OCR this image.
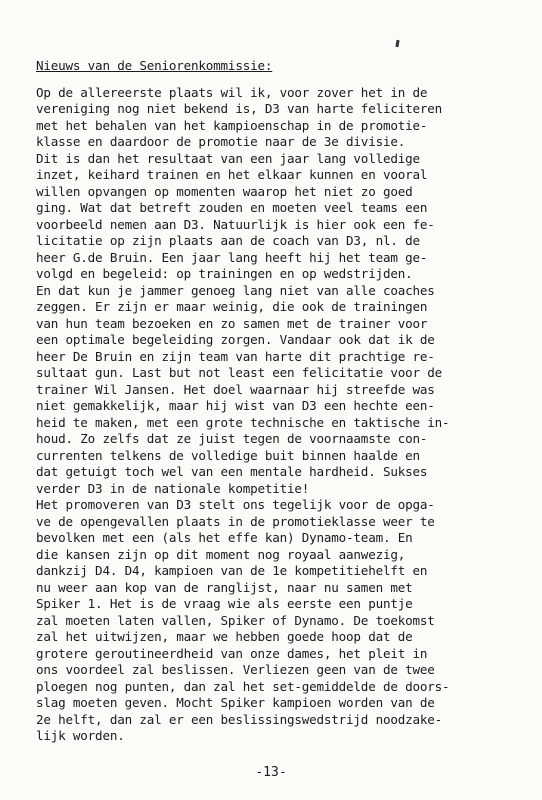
Nieuws van de Seniorenkommissie:
Op de allereerste plaats wil ik, voor zover het in de
vereniging nog niet bekend is, D3 van harte feliciteren
met het behalen van het kampioenschap in de promotie-
klasse en daardoor de promotie naar de 3e divisie.
Dit is dan het resultaat van een jaar lang volledige
inzet, keihard trainen en het elkaar kunnen en vooral
willen opvangen op momenten waarop het niet zo goed
ging. Wat dat betreft zouden en moeten veel teams een
voorbeeld nemen aan D3. Natuurlijk is hier ook een fe-
licitatie op zijn plaats aan de coach van D3, nl. de
heer G.de Bruin. Een jaar lang heeft hij het team ge-
volgd en begeleid: op trainingen en op wedstrijden.
En dat kun je jammer genoeg lang niet van alle coaches
zeggen. Er zijn er maar weinig, die ook de trainingen
van hun team bezoeken en zo samen met de trainer voor
een optimale begeleiding zorgen. Vandaar ook dat ik de
heer De Bruin en zijn team van harte dit prachtige re-
sultaat gun. Last but not least een felicitatie voor de
trainer Wil Jansen. Het doel waarnaar hij streefde was
niet gemakkelijk, maar hij wist van D3 een hechte een-
heid te maken, met een grote technische en taktische in-
houd. Zo zelfs dat ze juist tegen de voornaamste con-
currenten telkens de volledige buit binnen haalde en
dat getuigt toch wel van een mentale hardheid. Sukses
verder D3 in de nationale kompetitie!
Het promoveren van D3 stelt ons tegelijk voor de opga-
ve de opengevallen plaats in de promotieklasse weer te
bevolken met een (als het effe kan) Dynamo-team. En
die kansen zijn op dit moment nog royaal aanwezig,
dankzij D4. D4, kampioen van de 1e kompetitiehelft en
nu weer aan kop van de ranglijst, naar nu samen met
Spiker 1. Het is de vraag wie als eerste een puntje
zal moeten laten vallen, Spiker of Dynamo. De toekomst
zal het uitwijzen, maar we hebben goede hoop dat de
grotere geroutineerdheid van onze dames, het pleit in
ons voordeel zal beslissen. Verliezen geen van de twee
ploegen nog punten, dan zal het set-gemiddelde de doors-
slag moeten geven. Mocht Spiker kampioen worden van de
2e helft, dan zal er een beslissingswedstrijd noodzake-
lijk worden.
-13-
